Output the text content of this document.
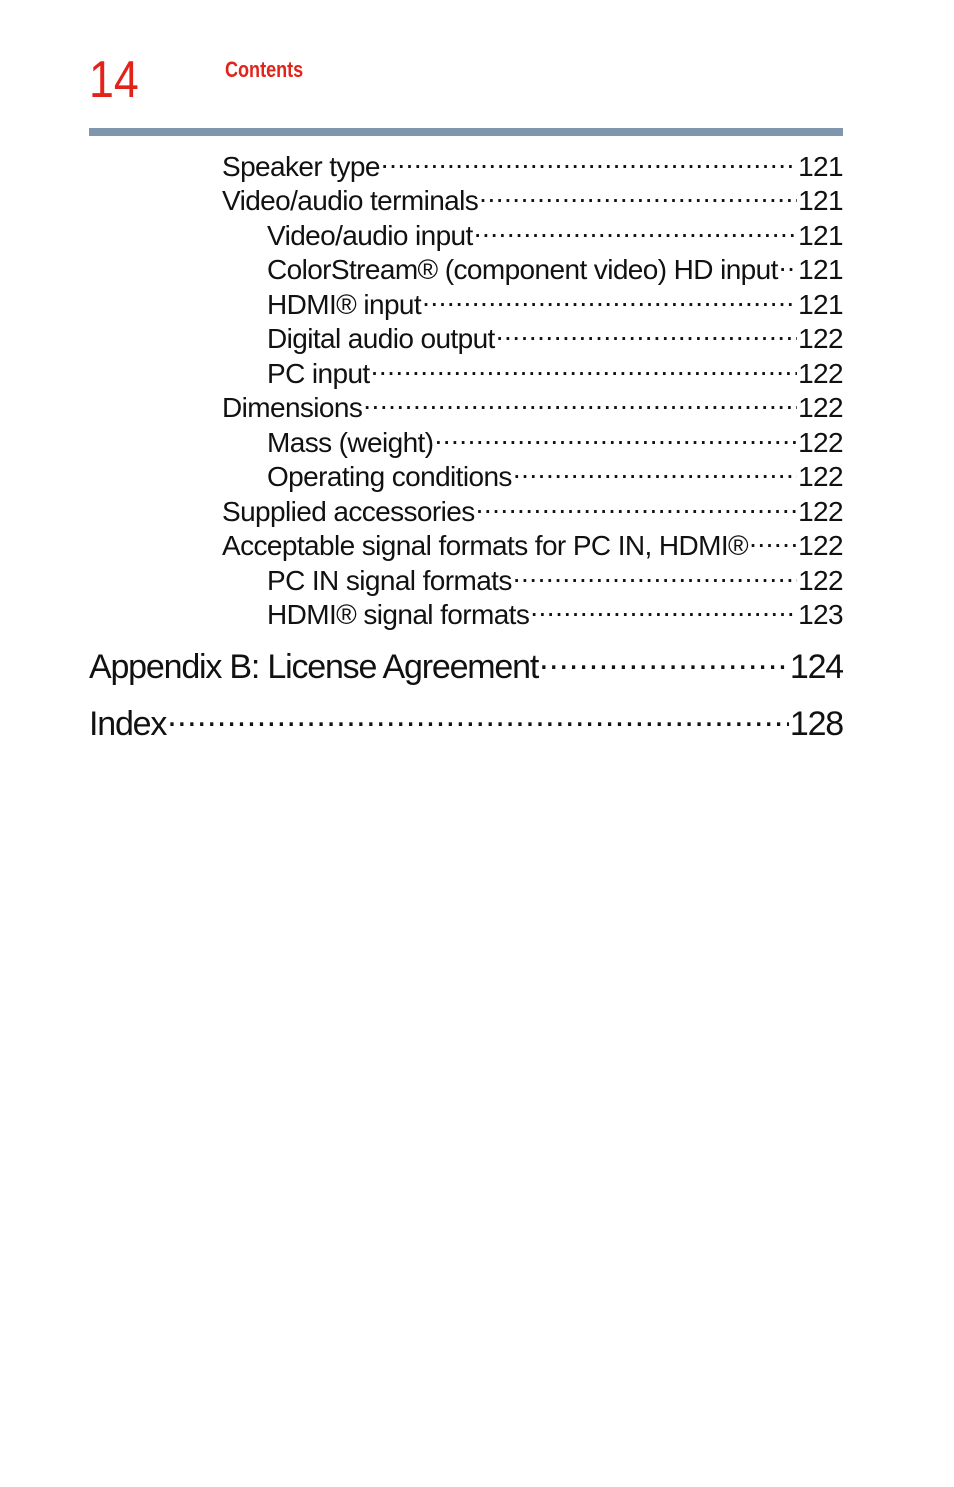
14	Contents
Speaker type .....	121
Video/audio terminals .....	121
Video/audio input .....	121
ColorStream® (component video) HD input ..... 121
HDMI® input .....	121
Digital audio output .....	122
PC input .....	122
Dimensions .....	122
Mass (weight) .....	122
Operating conditions .....	122
Supplied accessories .....	122
Acceptable signal formats for PC IN, HDMI® ..... 122
PC IN signal formats .....	122
HDMI® signal formats .....	123
Appendix B: License Agreement .....	124
Index .....	128
